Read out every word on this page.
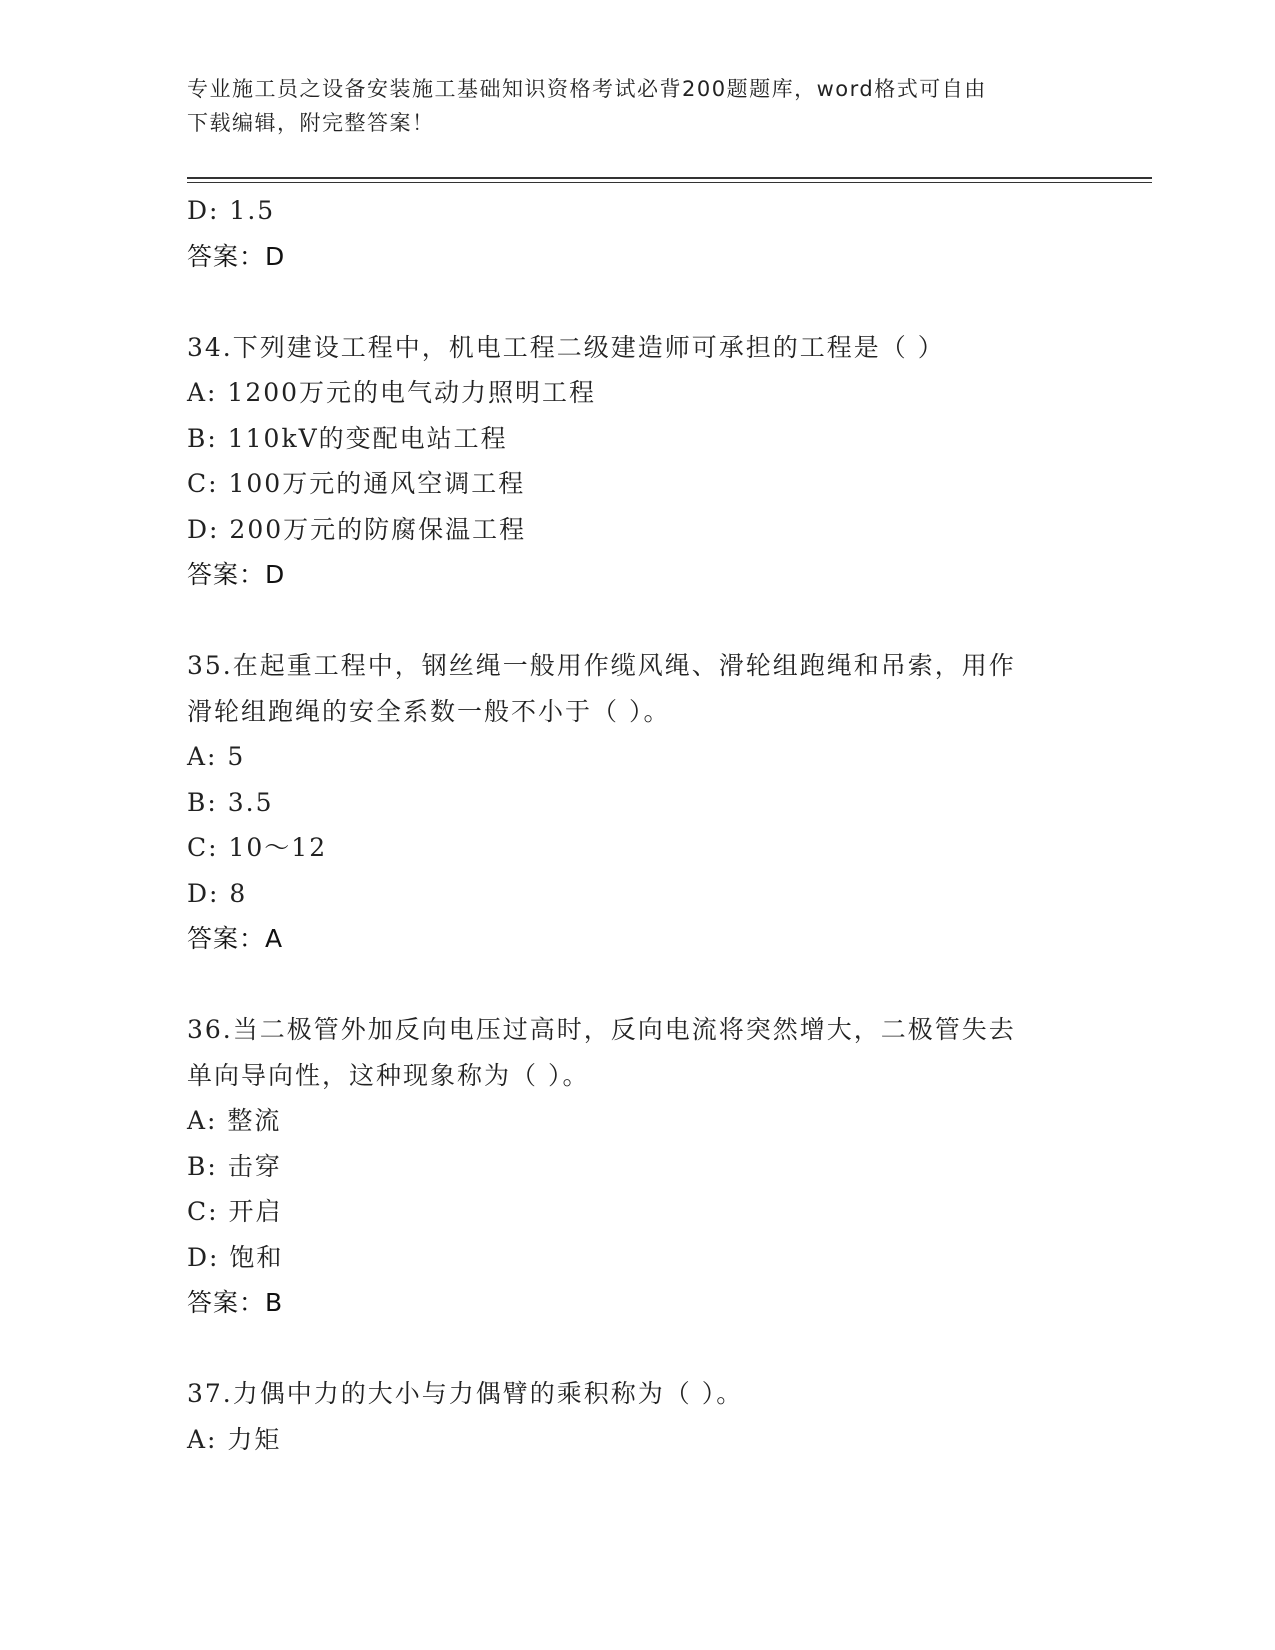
专业施工员之设备安装施工基础知识资格考试必背200题题库，word格式可自由
下载编辑，附完整答案！
D: 1.5
答案：D
34.下列建设工程中，机电工程二级建造师可承担的工程是（ ）
A: 1200万元的电气动力照明工程
B: 110kV的变配电站工程
C: 100万元的通风空调工程
D: 200万元的防腐保温工程
答案：D
35.在起重工程中，钢丝绳一般用作缆风绳、滑轮组跑绳和吊索，用作
滑轮组跑绳的安全系数一般不小于（ ）。
A: 5
B: 3.5
C: 10～12
D: 8
答案：A
36.当二极管外加反向电压过高时，反向电流将突然增大，二极管失去
单向导向性，这种现象称为（ ）。
A: 整流
B: 击穿
C: 开启
D: 饱和
答案：B
37.力偶中力的大小与力偶臂的乘积称为（ ）。
A: 力矩
